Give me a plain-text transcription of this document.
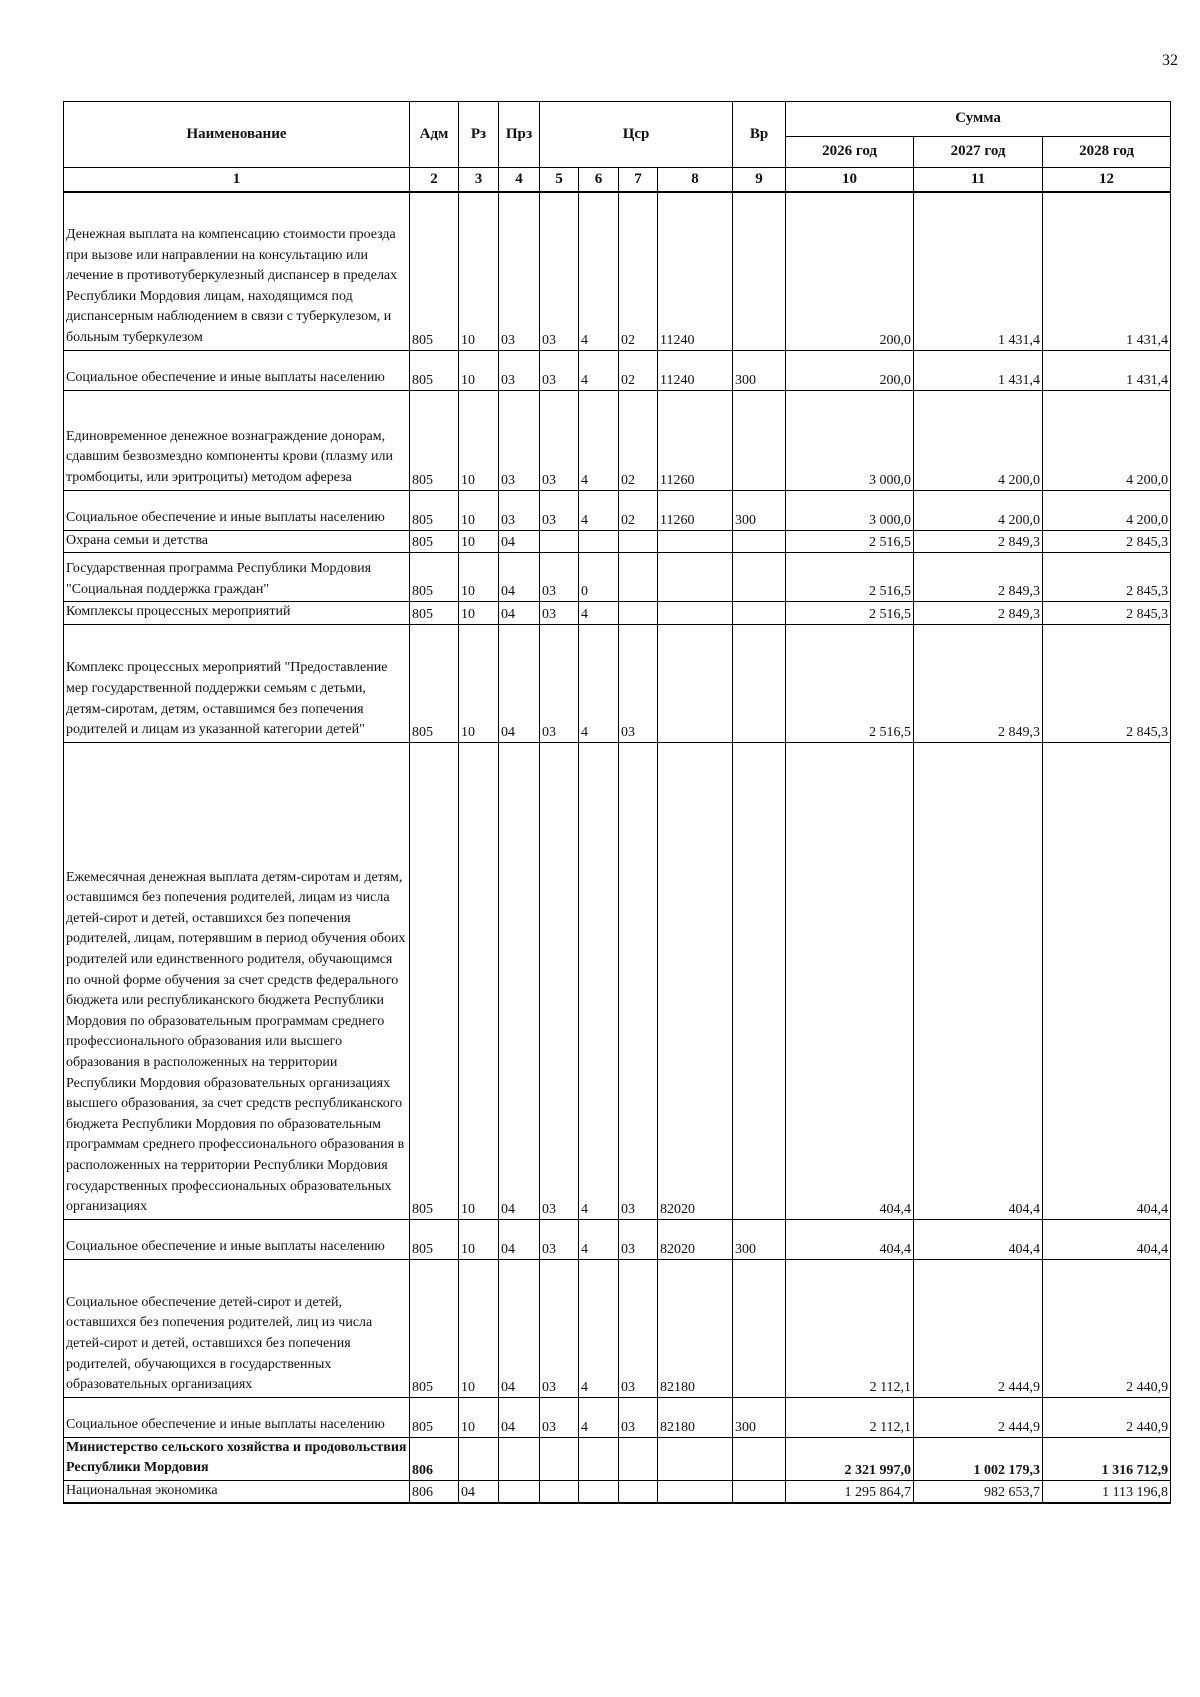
32
Наименование	Адм	Рз	Прз	Цср				Вр	Сумма		
									2026 год	2027 год	2028 год
1	2	3	4	5	6	7	8	9	10	11	12
Денежная выплата на компенсацию стоимости проезда при вызове или направлении на консультацию или лечение в противотуберкулезный диспансер в пределах Республики Мордовия лицам, находящимся под диспансерным наблюдением в связи с туберкулезом, и больным туберкулезом	805	10	03	03	4	02	11240		200,0	1 431,4	1 431,4
Социальное обеспечение и иные выплаты населению	805	10	03	03	4	02	11240	300	200,0	1 431,4	1 431,4
Единовременное денежное вознаграждение донорам, сдавшим безвозмездно компоненты крови (плазму или тромбоциты, или эритроциты) методом афереза	805	10	03	03	4	02	11260		3 000,0	4 200,0	4 200,0
Социальное обеспечение и иные выплаты населению	805	10	03	03	4	02	11260	300	3 000,0	4 200,0	4 200,0
Охрана семьи и детства	805	10	04						2 516,5	2 849,3	2 845,3
Государственная программа Республики Мордовия "Социальная поддержка граждан"	805	10	04	03	0				2 516,5	2 849,3	2 845,3
Комплексы процессных мероприятий	805	10	04	03	4				2 516,5	2 849,3	2 845,3
Комплекс процессных мероприятий "Предоставление мер государственной поддержки семьям с детьми, детям-сиротам, детям, оставшимся без попечения родителей и лицам из указанной категории детей"	805	10	04	03	4	03			2 516,5	2 849,3	2 845,3
Ежемесячная денежная выплата детям-сиротам и детям, оставшимся без попечения родителей, лицам из числа детей-сирот и детей, оставшихся без попечения родителей, лицам, потерявшим в период обучения обоих родителей или единственного родителя, обучающимся по очной форме обучения за счет средств федерального бюджета или республиканского бюджета Республики Мордовия по образовательным программам среднего профессионального образования или высшего образования в расположенных на территории Республики Мордовия образовательных организациях высшего образования, за счет средств республиканского бюджета Республики Мордовия по образовательным программам среднего профессионального образования в расположенных на территории Республики Мордовия государственных профессиональных образовательных организациях	805	10	04	03	4	03	82020		404,4	404,4	404,4
Социальное обеспечение и иные выплаты населению	805	10	04	03	4	03	82020	300	404,4	404,4	404,4
Социальное обеспечение детей-сирот и детей, оставшихся без попечения родителей, лиц из числа детей-сирот и детей, оставшихся без попечения родителей, обучающихся в государственных образовательных организациях	805	10	04	03	4	03	82180		2 112,1	2 444,9	2 440,9
Социальное обеспечение и иные выплаты населению	805	10	04	03	4	03	82180	300	2 112,1	2 444,9	2 440,9
Министерство сельского хозяйства и продовольствия Республики Мордовия	806								2 321 997,0	1 002 179,3	1 316 712,9
Национальная экономика	806	04							1 295 864,7	982 653,7	1 113 196,8
